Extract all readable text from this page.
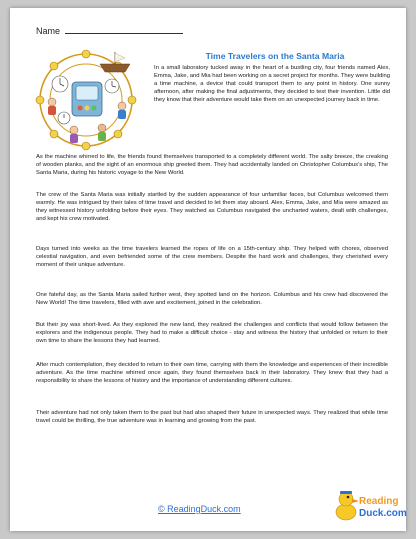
Name
Time Travelers on the Santa Maria

In a small laboratory tucked away in the heart of a bustling city, four friends named Alex, Emma, Jake, and Mia had been working on a secret project for months. They were building a time machine, a device that could transport them to any point in history. One sunny afternoon, after making the final adjustments, they decided to test their invention. Little did they know that their adventure would take them on an unexpected journey back in time.

As the machine whirred to life, the friends found themselves transported to a completely different world. The salty breeze, the creaking of wooden planks, and the sight of an enormous ship greeted them. They had accidentally landed on Christopher Columbus's ship, The Santa Maria, during his historic voyage to the New World.

The crew of the Santa Maria was initially startled by the sudden appearance of four unfamiliar faces, but Columbus welcomed them warmly. He was intrigued by their tales of time travel and decided to let them stay aboard. Alex, Emma, Jake, and Mia were amazed as they witnessed history unfolding before their eyes. They watched as Columbus navigated the uncharted waters, dealt with challenges, and kept his crew motivated.

Days turned into weeks as the time travelers learned the ropes of life on a 15th-century ship. They helped with chores, observed celestial navigation, and even befriended some of the crew members. Despite the hard work and challenges, they cherished every moment of their unique adventure.

One fateful day, as the Santa Maria sailed further west, they spotted land on the horizon. Columbus and his crew had discovered the New World! The time travelers, filled with awe and excitement, joined in the celebration.

But their joy was short-lived. As they explored the new land, they realized the challenges and conflicts that would follow between the explorers and the indigenous people. They had to make a difficult choice - stay and witness the history that unfolded or return to their own time to share the lessons they had learned.

After much contemplation, they decided to return to their own time, carrying with them the knowledge and experiences of their incredible adventure. As the time machine whirred once again, they found themselves back in their laboratory. They knew that they had a responsibility to share the lessons of history and the importance of understanding different cultures.

Their adventure had not only taken them to the past but had also shaped their future in unexpected ways. They realized that while time travel could be thrilling, the true adventure was in learning and growing from the past.

© ReadingDuck.com
Reading
Duck.com
